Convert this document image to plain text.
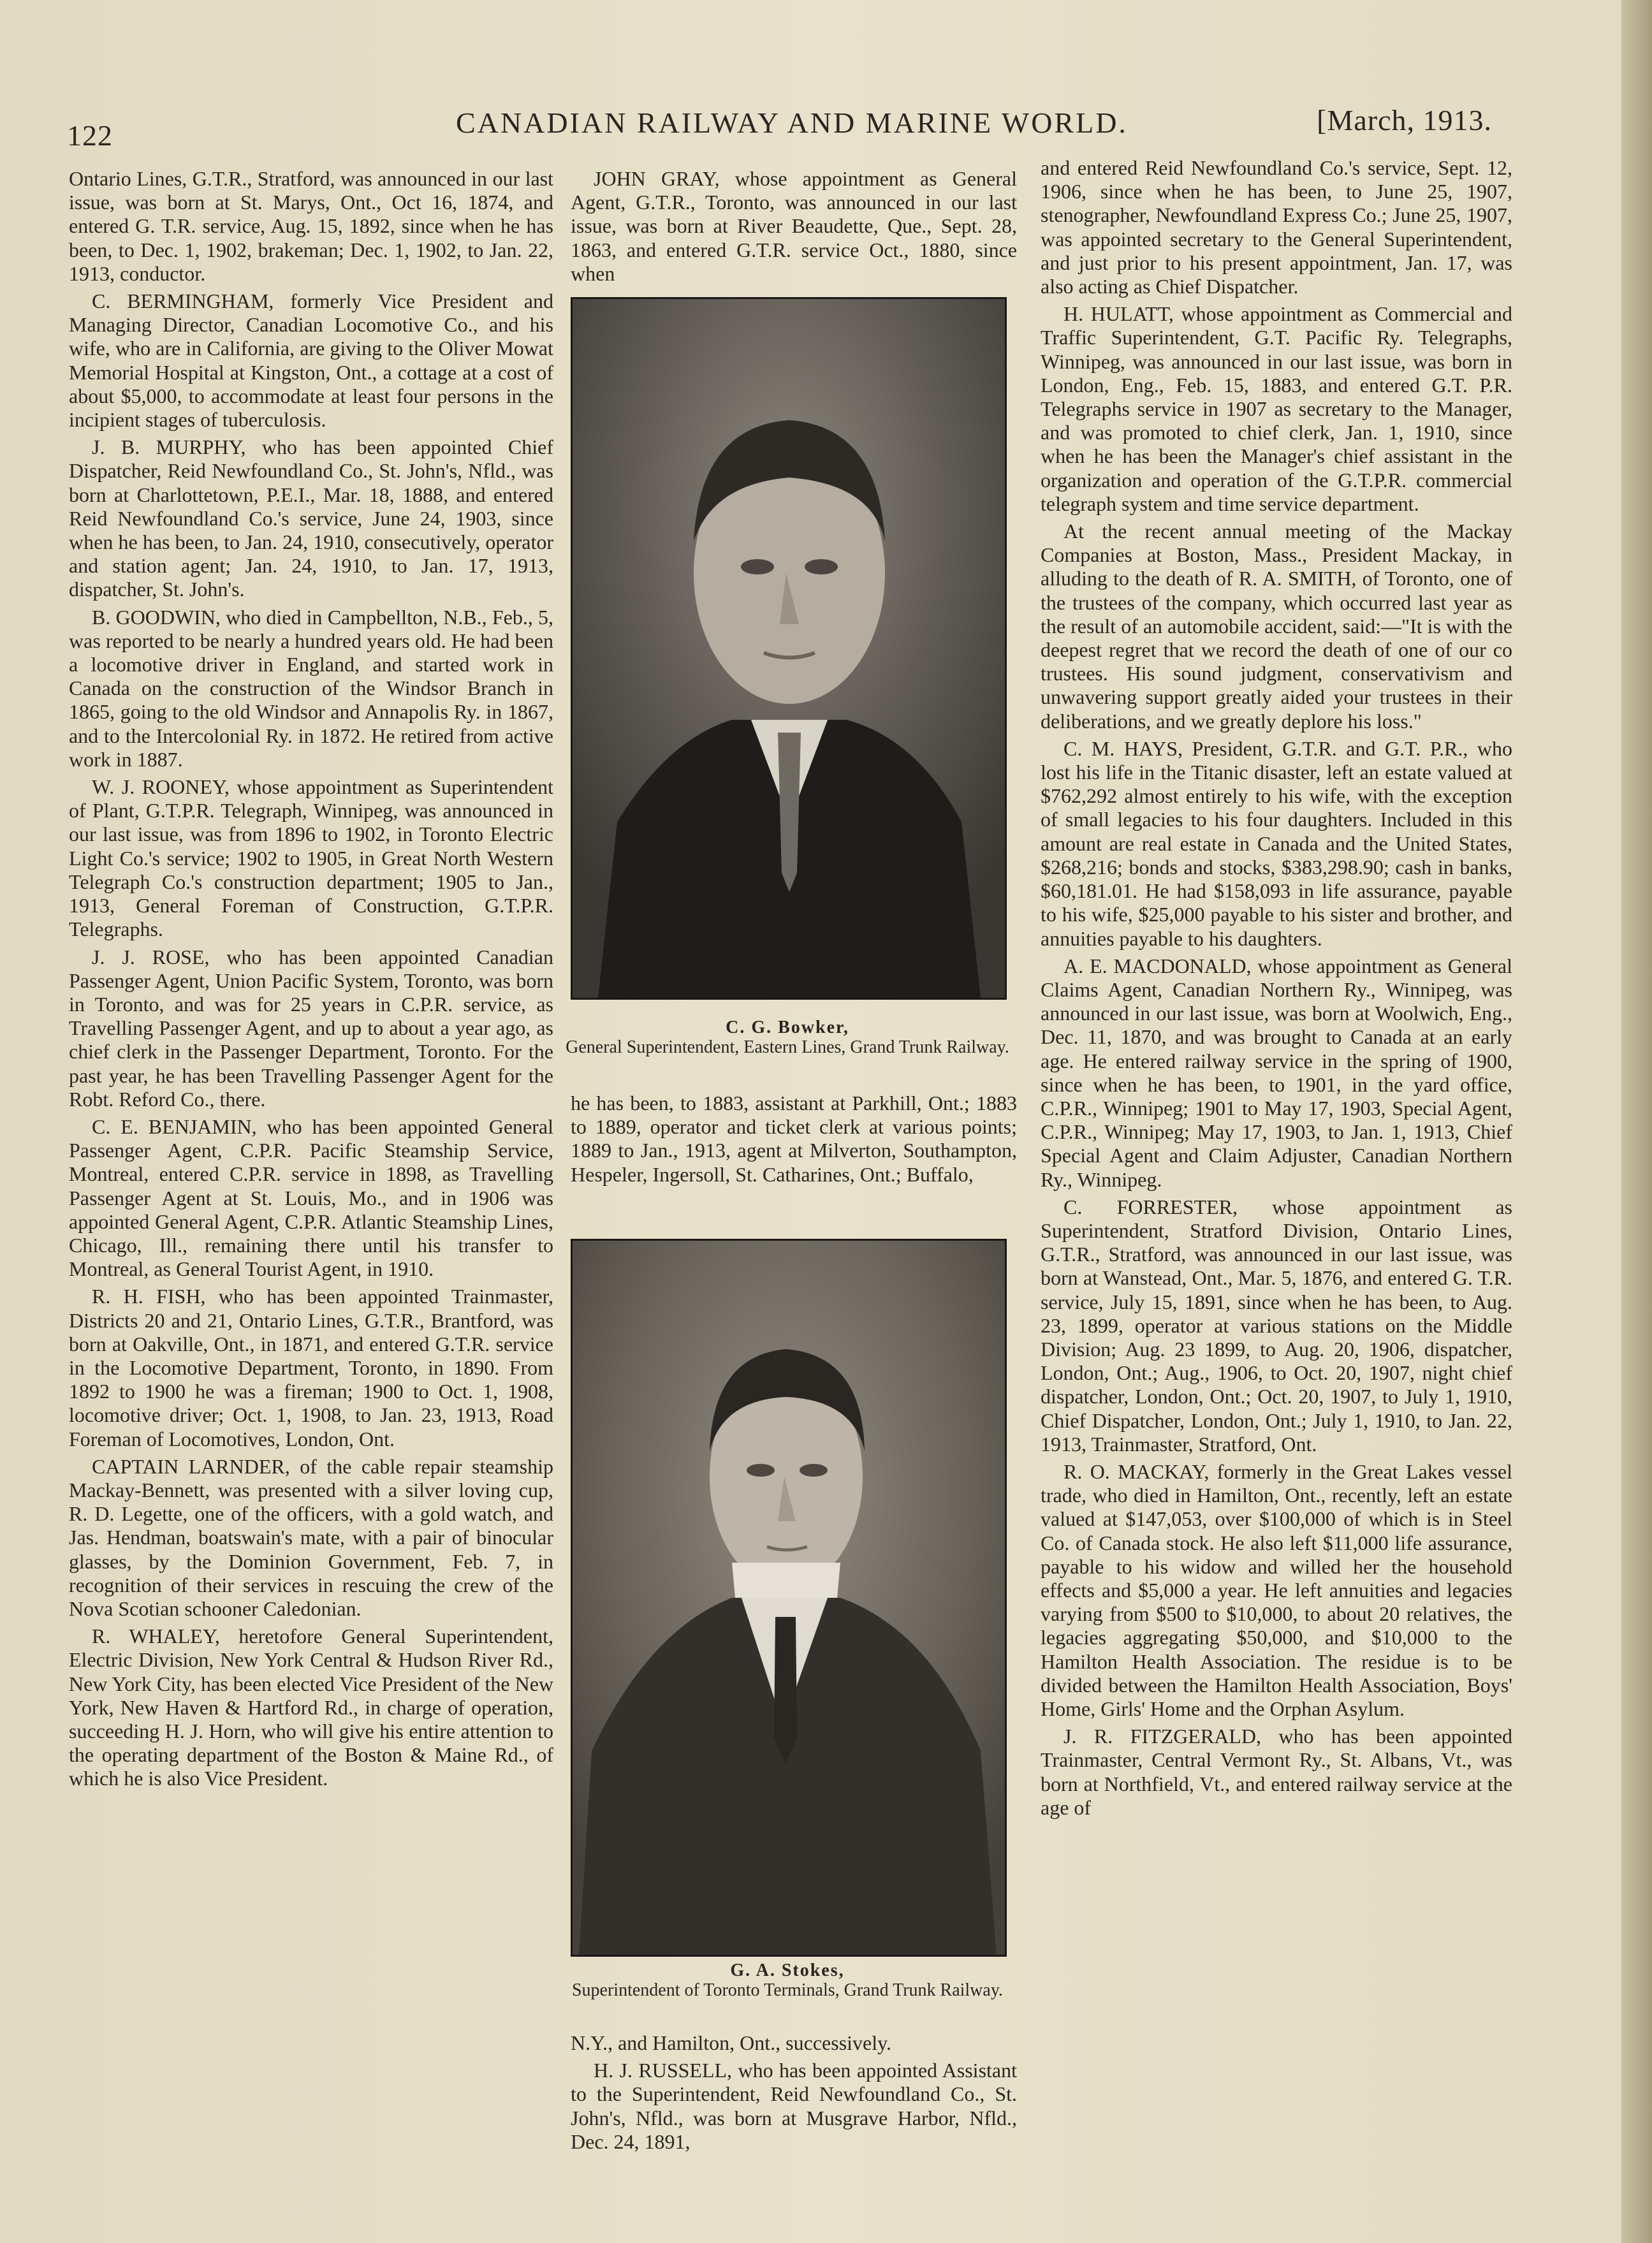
122	CANADIAN RAILWAY AND MARINE WORLD.	[March, 1913.

Ontario Lines, G.T.R., Stratford, was announced in our last issue, was born at St. Marys, Ont., Oct 16, 1874, and entered G. T.R. service, Aug. 15, 1892, since when he has been, to Dec. 1, 1902, brakeman; Dec. 1, 1902, to Jan. 22, 1913, conductor.

C. BERMINGHAM, formerly Vice President and Managing Director, Canadian Locomotive Co., and his wife, who are in California, are giving to the Oliver Mowat Memorial Hospital at Kingston, Ont., a cottage at a cost of about $5,000, to accommodate at least four persons in the incipient stages of tuberculosis.

J. B. MURPHY, who has been appointed Chief Dispatcher, Reid Newfoundland Co., St. John's, Nfld., was born at Charlottetown, P.E.I., Mar. 18, 1888, and entered Reid Newfoundland Co.'s service, June 24, 1903, since when he has been, to Jan. 24, 1910, consecutively, operator and station agent; Jan. 24, 1910, to Jan. 17, 1913, dispatcher, St. John's.

B. GOODWIN, who died in Campbellton, N.B., Feb., 5, was reported to be nearly a hundred years old. He had been a locomotive driver in England, and started work in Canada on the construction of the Windsor Branch in 1865, going to the old Windsor and Annapolis Ry. in 1867, and to the Intercolonial Ry. in 1872. He retired from active work in 1887.

W. J. ROONEY, whose appointment as Superintendent of Plant, G.T.P.R. Telegraph, Winnipeg, was announced in our last issue, was from 1896 to 1902, in Toronto Electric Light Co.'s service; 1902 to 1905, in Great North Western Telegraph Co.'s construction department; 1905 to Jan., 1913, General Foreman of Construction, G.T.P.R. Telegraphs.

J. J. ROSE, who has been appointed Canadian Passenger Agent, Union Pacific System, Toronto, was born in Toronto, and was for 25 years in C.P.R. service, as Travelling Passenger Agent, and up to about a year ago, as chief clerk in the Passenger Department, Toronto. For the past year, he has been Travelling Passenger Agent for the Robt. Reford Co., there.

C. E. BENJAMIN, who has been appointed General Passenger Agent, C.P.R. Pacific Steamship Service, Montreal, entered C.P.R. service in 1898, as Travelling Passenger Agent at St. Louis, Mo., and in 1906 was appointed General Agent, C.P.R. Atlantic Steamship Lines, Chicago, Ill., remaining there until his transfer to Montreal, as General Tourist Agent, in 1910.

R. H. FISH, who has been appointed Trainmaster, Districts 20 and 21, Ontario Lines, G.T.R., Brantford, was born at Oakville, Ont., in 1871, and entered G.T.R. service in the Locomotive Department, Toronto, in 1890. From 1892 to 1900 he was a fireman; 1900 to Oct. 1, 1908, locomotive driver; Oct. 1, 1908, to Jan. 23, 1913, Road Foreman of Locomotives, London, Ont.

CAPTAIN LARNDER, of the cable repair steamship Mackay-Bennett, was presented with a silver loving cup, R. D. Legette, one of the officers, with a gold watch, and Jas. Hendman, boatswain's mate, with a pair of binocular glasses, by the Dominion Government, Feb. 7, in recognition of their services in rescuing the crew of the Nova Scotian schooner Caledonian.

R. WHALEY, heretofore General Superintendent, Electric Division, New York Central & Hudson River Rd., New York City, has been elected Vice President of the New York, New Haven & Hartford Rd., in charge of operation, succeeding H. J. Horn, who will give his entire attention to the operating department of the Boston & Maine Rd., of which he is also Vice President.

JOHN GRAY, whose appointment as General Agent, G.T.R., Toronto, was announced in our last issue, was born at River Beaudette, Que., Sept. 28, 1863, and entered G.T.R. service Oct., 1880, since when

C. G. Bowker,
General Superintendent, Eastern Lines, Grand Trunk Railway.

he has been, to 1883, assistant at Parkhill, Ont.; 1883 to 1889, operator and ticket clerk at various points; 1889 to Jan., 1913, agent at Milverton, Southampton, Hespeler, Ingersoll, St. Catharines, Ont.; Buffalo,

G. A. Stokes,
Superintendent of Toronto Terminals, Grand Trunk Railway.

N.Y., and Hamilton, Ont., successively.

H. J. RUSSELL, who has been appointed Assistant to the Superintendent, Reid Newfoundland Co., St. John's, Nfld., was born at Musgrave Harbor, Nfld., Dec. 24, 1891,

and entered Reid Newfoundland Co.'s service, Sept. 12, 1906, since when he has been, to June 25, 1907, stenographer, Newfoundland Express Co.; June 25, 1907, was appointed secretary to the General Superintendent, and just prior to his present appointment, Jan. 17, was also acting as Chief Dispatcher.

H. HULATT, whose appointment as Commercial and Traffic Superintendent, G.T. Pacific Ry. Telegraphs, Winnipeg, was announced in our last issue, was born in London, Eng., Feb. 15, 1883, and entered G.T. P.R. Telegraphs service in 1907 as secretary to the Manager, and was promoted to chief clerk, Jan. 1, 1910, since when he has been the Manager's chief assistant in the organization and operation of the G.T.P.R. commercial telegraph system and time service department.

At the recent annual meeting of the Mackay Companies at Boston, Mass., President Mackay, in alluding to the death of R. A. SMITH, of Toronto, one of the trustees of the company, which occurred last year as the result of an automobile accident, said:—"It is with the deepest regret that we record the death of one of our co trustees. His sound judgment, conservativism and unwavering support greatly aided your trustees in their deliberations, and we greatly deplore his loss."

C. M. HAYS, President, G.T.R. and G.T. P.R., who lost his life in the Titanic disaster, left an estate valued at $762,292 almost entirely to his wife, with the exception of small legacies to his four daughters. Included in this amount are real estate in Canada and the United States, $268,216; bonds and stocks, $383,298.90; cash in banks, $60,181.01. He had $158,093 in life assurance, payable to his wife, $25,000 payable to his sister and brother, and annuities payable to his daughters.

A. E. MACDONALD, whose appointment as General Claims Agent, Canadian Northern Ry., Winnipeg, was announced in our last issue, was born at Woolwich, Eng., Dec. 11, 1870, and was brought to Canada at an early age. He entered railway service in the spring of 1900, since when he has been, to 1901, in the yard office, C.P.R., Winnipeg; 1901 to May 17, 1903, Special Agent, C.P.R., Winnipeg; May 17, 1903, to Jan. 1, 1913, Chief Special Agent and Claim Adjuster, Canadian Northern Ry., Winnipeg.

C. FORRESTER, whose appointment as Superintendent, Stratford Division, Ontario Lines, G.T.R., Stratford, was announced in our last issue, was born at Wanstead, Ont., Mar. 5, 1876, and entered G. T.R. service, July 15, 1891, since when he has been, to Aug. 23, 1899, operator at various stations on the Middle Division; Aug. 23 1899, to Aug. 20, 1906, dispatcher, London, Ont.; Aug., 1906, to Oct. 20, 1907, night chief dispatcher, London, Ont.; Oct. 20, 1907, to July 1, 1910, Chief Dispatcher, London, Ont.; July 1, 1910, to Jan. 22, 1913, Trainmaster, Stratford, Ont.

R. O. MACKAY, formerly in the Great Lakes vessel trade, who died in Hamilton, Ont., recently, left an estate valued at $147,053, over $100,000 of which is in Steel Co. of Canada stock. He also left $11,000 life assurance, payable to his widow and willed her the household effects and $5,000 a year. He left annuities and legacies varying from $500 to $10,000, to about 20 relatives, the legacies aggregating $50,000, and $10,000 to the Hamilton Health Association. The residue is to be divided between the Hamilton Health Association, Boys' Home, Girls' Home and the Orphan Asylum.

J. R. FITZGERALD, who has been appointed Trainmaster, Central Vermont Ry., St. Albans, Vt., was born at Northfield, Vt., and entered railway service at the age of
